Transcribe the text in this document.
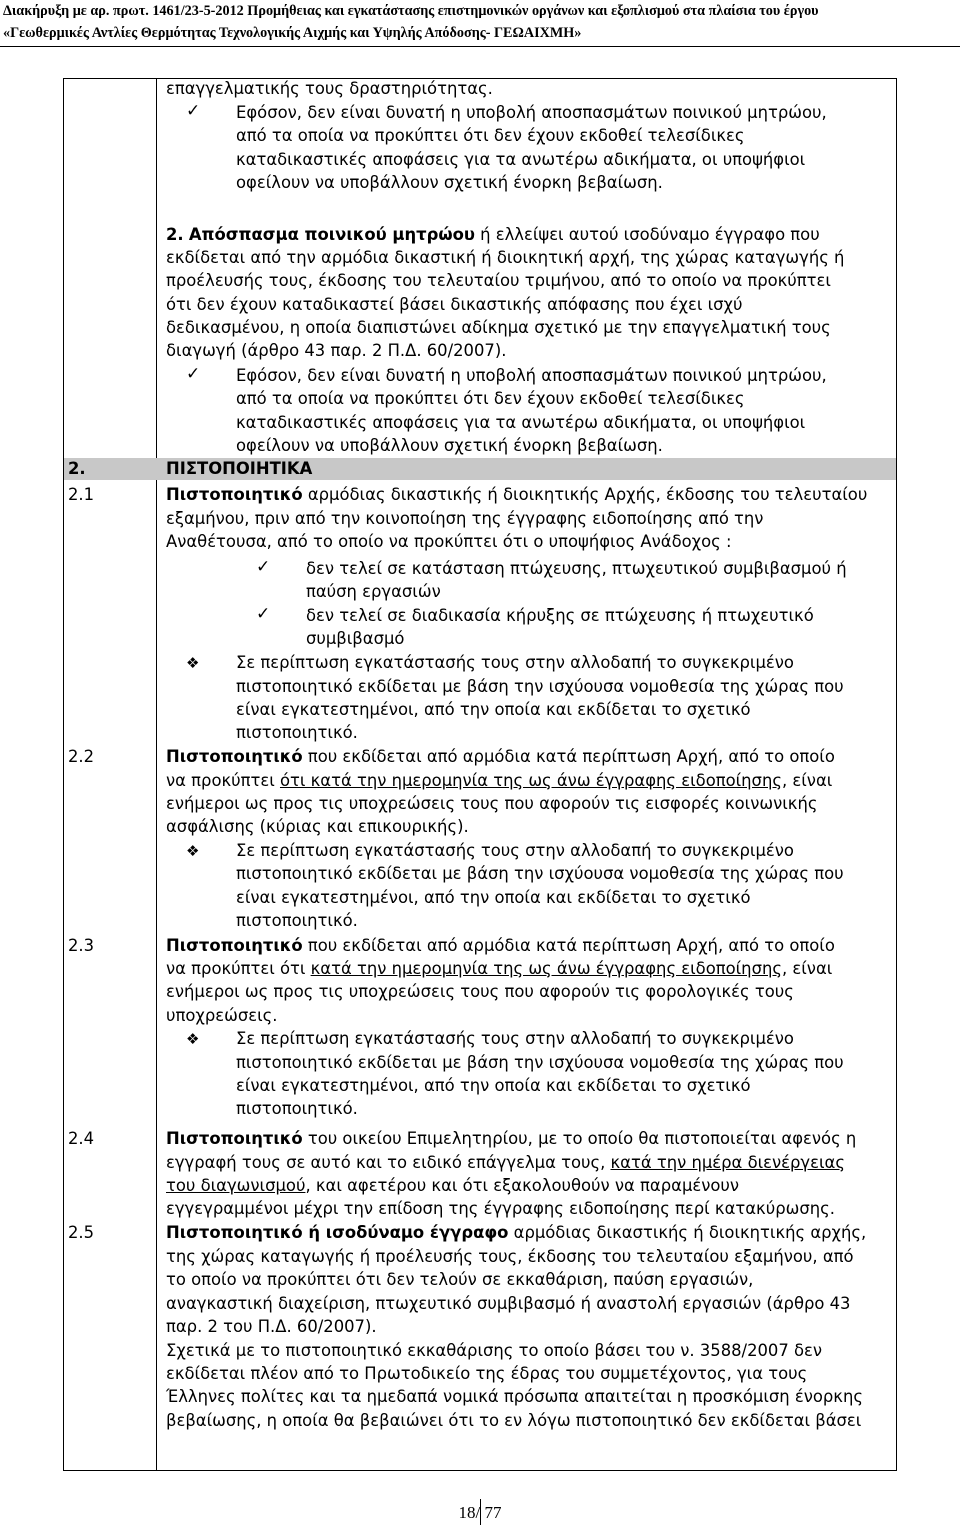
Διακήρυξη με αρ. πρωτ. 1461/23-5-2012 Προμήθειας και εγκατάστασης επιστημονικών οργάνων και εξοπλισμού στα πλαίσια του έργου
«Γεωθερμικές Αντλίες Θερμότητας Τεχνολογικής Αιχμής και Υψηλής Απόδοσης- ΓΕΩΑΙΧΜΗ»
επαγγελματικής τους δραστηριότητας.
✓ Εφόσον, δεν είναι δυνατή η υποβολή αποσπασμάτων ποινικού μητρώου,
από τα οποία να προκύπτει ότι δεν έχουν εκδοθεί τελεσίδικες
καταδικαστικές αποφάσεις για τα ανωτέρω αδικήματα, οι υποψήφιοι
οφείλουν να υποβάλλουν σχετική ένορκη βεβαίωση.
2. Απόσπασμα ποινικού μητρώου ή ελλείψει αυτού ισοδύναμο έγγραφο που
εκδίδεται από την αρμόδια δικαστική ή διοικητική αρχή, της χώρας καταγωγής ή
προέλευσής τους, έκδοσης του τελευταίου τριμήνου, από το οποίο να προκύπτει
ότι δεν έχουν καταδικαστεί βάσει δικαστικής απόφασης που έχει ισχύ
δεδικασμένου, η οποία διαπιστώνει αδίκημα σχετικό με την επαγγελματική τους
διαγωγή (άρθρο 43 παρ. 2 Π.Δ. 60/2007).
✓ Εφόσον, δεν είναι δυνατή η υποβολή αποσπασμάτων ποινικού μητρώου,
από τα οποία να προκύπτει ότι δεν έχουν εκδοθεί τελεσίδικες
καταδικαστικές αποφάσεις για τα ανωτέρω αδικήματα, οι υποψήφιοι
οφείλουν να υποβάλλουν σχετική ένορκη βεβαίωση.
2.	ΠΙΣΤΟΠΟΙΗΤΙΚΑ
2.1	Πιστοποιητικό αρμόδιας δικαστικής ή διοικητικής Αρχής, έκδοσης του τελευταίου
εξαμήνου, πριν από την κοινοποίηση της έγγραφης ειδοποίησης από την
Αναθέτουσα, από το οποίο να προκύπτει ότι ο υποψήφιος Ανάδοχος :
✓ δεν τελεί σε κατάσταση πτώχευσης, πτωχευτικού συμβιβασμού ή
παύση εργασιών
✓ δεν τελεί σε διαδικασία κήρυξης σε πτώχευσης ή πτωχευτικό
συμβιβασμό
❖ Σε περίπτωση εγκατάστασής τους στην αλλοδαπή το συγκεκριμένο
πιστοποιητικό εκδίδεται με βάση την ισχύουσα νομοθεσία της χώρας που
είναι εγκατεστημένοι, από την οποία και εκδίδεται το σχετικό
πιστοποιητικό.
2.2	Πιστοποιητικό που εκδίδεται από αρμόδια κατά περίπτωση Αρχή, από το οποίο
να προκύπτει ότι κατά την ημερομηνία της ως άνω έγγραφης ειδοποίησης, είναι
ενήμεροι ως προς τις υποχρεώσεις τους που αφορούν τις εισφορές κοινωνικής
ασφάλισης (κύριας και επικουρικής).
❖ Σε περίπτωση εγκατάστασής τους στην αλλοδαπή το συγκεκριμένο
πιστοποιητικό εκδίδεται με βάση την ισχύουσα νομοθεσία της χώρας που
είναι εγκατεστημένοι, από την οποία και εκδίδεται το σχετικό
πιστοποιητικό.
2.3	Πιστοποιητικό που εκδίδεται από αρμόδια κατά περίπτωση Αρχή, από το οποίο
να προκύπτει ότι κατά την ημερομηνία της ως άνω έγγραφης ειδοποίησης, είναι
ενήμεροι ως προς τις υποχρεώσεις τους που αφορούν τις φορολογικές τους
υποχρεώσεις.
❖ Σε περίπτωση εγκατάστασής τους στην αλλοδαπή το συγκεκριμένο
πιστοποιητικό εκδίδεται με βάση την ισχύουσα νομοθεσία της χώρας που
είναι εγκατεστημένοι, από την οποία και εκδίδεται το σχετικό
πιστοποιητικό.
2.4	Πιστοποιητικό του οικείου Επιμελητηρίου, με το οποίο θα πιστοποιείται αφενός η
εγγραφή τους σε αυτό και το ειδικό επάγγελμα τους, κατά την ημέρα διενέργειας
του διαγωνισμού, και αφετέρου και ότι εξακολουθούν να παραμένουν
εγγεγραμμένοι μέχρι την επίδοση της έγγραφης ειδοποίησης περί κατακύρωσης.
2.5	Πιστοποιητικό ή ισοδύναμο έγγραφο αρμόδιας δικαστικής ή διοικητικής αρχής,
της χώρας καταγωγής ή προέλευσής τους, έκδοσης του τελευταίου εξαμήνου, από
το οποίο να προκύπτει ότι δεν τελούν σε εκκαθάριση, παύση εργασιών,
αναγκαστική διαχείριση, πτωχευτικό συμβιβασμό ή αναστολή εργασιών (άρθρο 43
παρ. 2 του Π.Δ. 60/2007).
Σχετικά με το πιστοποιητικό εκκαθάρισης το οποίο βάσει του ν. 3588/2007 δεν
εκδίδεται πλέον από το Πρωτοδικείο της έδρας του συμμετέχοντος, για τους
Έλληνες πολίτες και τα ημεδαπά νομικά πρόσωπα απαιτείται η προσκόμιση ένορκης
βεβαίωσης, η οποία θα βεβαιώνει ότι το εν λόγω πιστοποιητικό δεν εκδίδεται βάσει
18/ 77
